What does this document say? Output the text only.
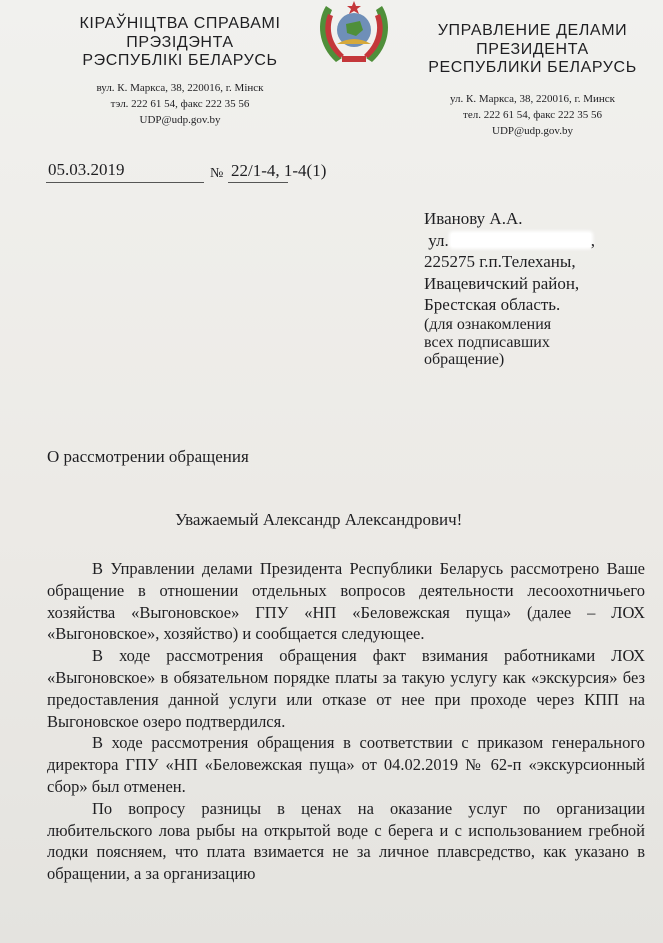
КІРАЎНІЦТВА СПРАВАМІ
ПРЭЗІДЭНТА
РЭСПУБЛІКІ БЕЛАРУСЬ
вул. К. Маркса, 38, 220016, г. Мінск
тэл. 222 61 54, факс 222 35 56
UDP@udp.gov.by
УПРАВЛЕНИЕ ДЕЛАМИ
ПРЕЗИДЕНТА
РЕСПУБЛИКИ БЕЛАРУСЬ
ул. К. Маркса, 38, 220016, г. Минск
тел. 222 61 54, факс 222 35 56
UDP@udp.gov.by
05.03.2019	№ 22/1-4, 1-4(1)
Иванову А.А.
ул.	,
225275 г.п.Телеханы,
Ивацевичский район,
Брестская область.
(для ознакомления
всех подписавших
обращение)
О рассмотрении обращения
Уважаемый Александр Александрович!

В Управлении делами Президента Республики Беларусь рассмотрено Ваше обращение в отношении отдельных вопросов деятельности лесоохотничьего хозяйства «Выгоновское» ГПУ «НП «Беловежская пуща» (далее – ЛОХ «Выгоновское», хозяйство) и сообщается следующее.

В ходе рассмотрения обращения факт взимания работниками ЛОХ «Выгоновское» в обязательном порядке платы за такую услугу как «экскурсия» без предоставления данной услуги или отказе от нее при проходе через КПП на Выгоновское озеро подтвердился.

В ходе рассмотрения обращения в соответствии с приказом генерального директора ГПУ «НП «Беловежская пуща» от 04.02.2019 № 62-п «экскурсионный сбор» был отменен.

По вопросу разницы в ценах на оказание услуг по организации любительского лова рыбы на открытой воде с берега и с использованием гребной лодки поясняем, что плата взимается не за личное плавсредство, как указано в обращении, а за организацию
